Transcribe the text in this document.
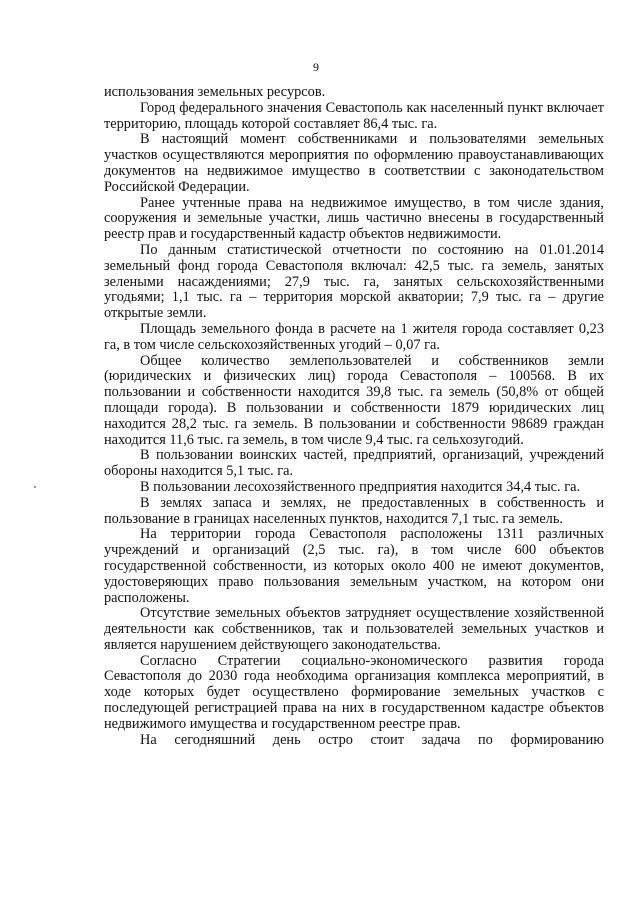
9

использования земельных ресурсов.

Город федерального значения Севастополь как населенный пункт включает территорию, площадь которой составляет 86,4 тыс. га.

В настоящий момент собственниками и пользователями земельных участков осуществляются мероприятия по оформлению правоустанавливающих документов на недвижимое имущество в соответствии с законодательством Российской Федерации.

Ранее учтенные права на недвижимое имущество, в том числе здания, сооружения и земельные участки, лишь частично внесены в государственный реестр прав и государственный кадастр объектов недвижимости.

По данным статистической отчетности по состоянию на 01.01.2014 земельный фонд города Севастополя включал: 42,5 тыс. га земель, занятых зелеными насаждениями; 27,9 тыс. га, занятых сельскохозяйственными угодьями; 1,1 тыс. га – территория морской акватории; 7,9 тыс. га – другие открытые земли.

Площадь земельного фонда в расчете на 1 жителя города составляет 0,23 га, в том числе сельскохозяйственных угодий – 0,07 га.

Общее количество землепользователей и собственников земли (юридических и физических лиц) города Севастополя – 100568. В их пользовании и собственности находится 39,8 тыс. га земель (50,8% от общей площади города). В пользовании и собственности 1879 юридических лиц находится 28,2 тыс. га земель. В пользовании и собственности 98689 граждан находится 11,6 тыс. га земель, в том числе 9,4 тыс. га сельхозугодий.

В пользовании воинских частей, предприятий, организаций, учреждений обороны находится 5,1 тыс. га.

В пользовании лесохозяйственного предприятия находится 34,4 тыс. га.

В землях запаса и землях, не предоставленных в собственность и пользование в границах населенных пунктов, находится 7,1 тыс. га земель.

На территории города Севастополя расположены 1311 различных учреждений и организаций (2,5 тыс. га), в том числе 600 объектов государственной собственности, из которых около 400 не имеют документов, удостоверяющих право пользования земельным участком, на котором они расположены.

Отсутствие земельных объектов затрудняет осуществление хозяйственной деятельности как собственников, так и пользователей земельных участков и является нарушением действующего законодательства.

Согласно Стратегии социально-экономического развития города Севастополя до 2030 года необходима организация комплекса мероприятий, в ходе которых будет осуществлено формирование земельных участков с последующей регистрацией права на них в государственном кадастре объектов недвижимого имущества и государственном реестре прав.

На сегодняшний день остро стоит задача по формированию
